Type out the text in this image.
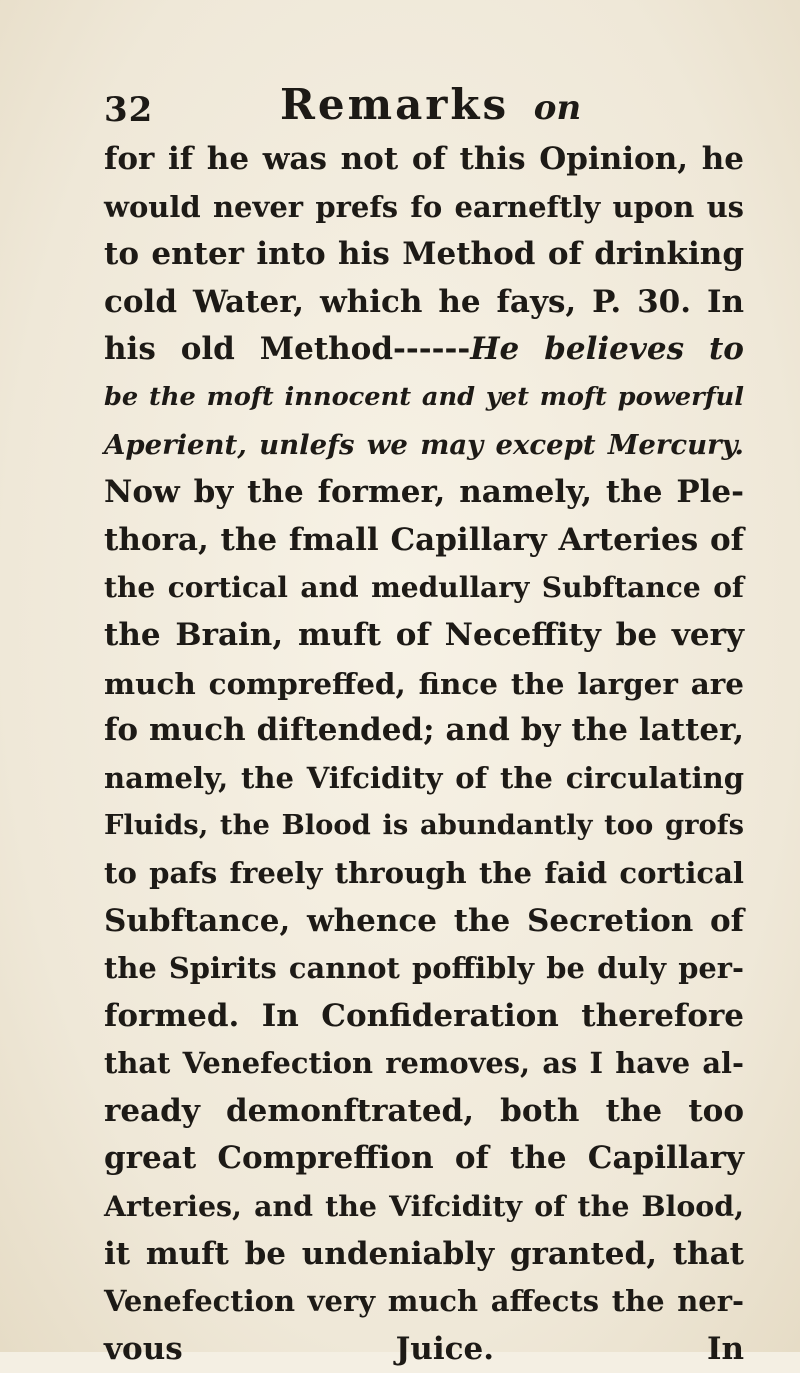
32	Remarks on
for if he was not of this Opinion, he
would never prefs fo earneftly upon us
to enter into his Method of drinking
cold Water, which he fays, P. 30. In
his old Method------He believes to
be the moft innocent and yet moft powerful
Aperient, unlefs we may except Mercury.
Now by the former, namely, the Ple-
thora, the fmall Capillary Arteries of
the cortical and medullary Subftance of
the Brain, muft of Neceffity be very
much compreffed, fince the larger are
fo much diftended; and by the latter,
namely, the Vifcidity of the circulating
Fluids, the Blood is abundantly too grofs
to pafs freely through the faid cortical
Subftance, whence the Secretion of
the Spirits cannot poffibly be duly per-
formed. In Confideration therefore
that Venefection removes, as I have al-
ready demonftrated, both the too
great Compreffion of the Capillary
Arteries, and the Vifcidity of the Blood,
it muft be undeniably granted, that
Venefection very much affects the ner-
vous Juice. In
